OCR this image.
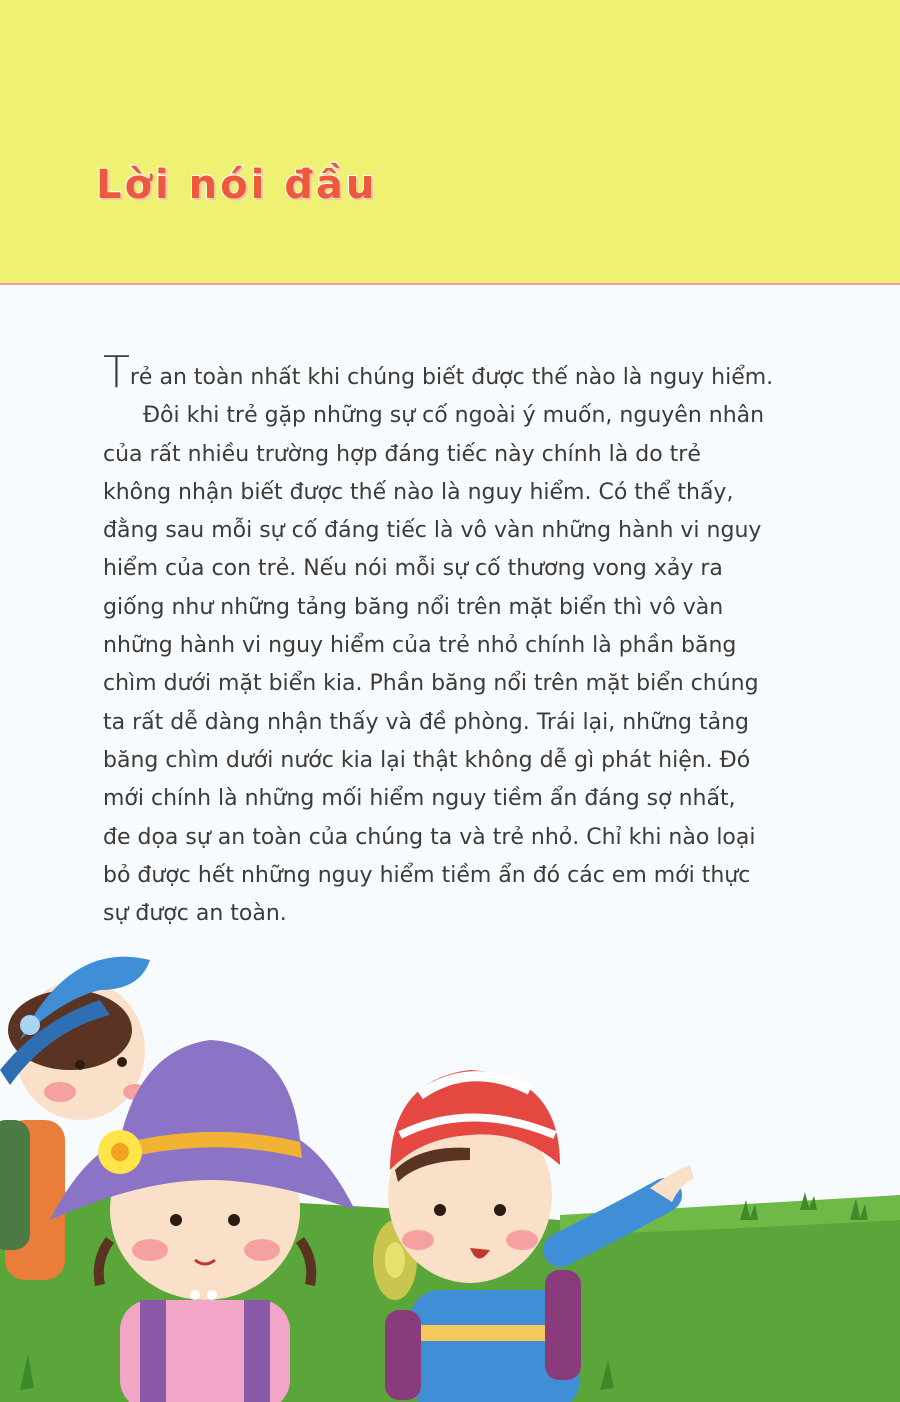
Lời nói đầu

Trẻ an toàn nhất khi chúng biết được thế nào là nguy hiểm.

Đôi khi trẻ gặp những sự cố ngoài ý muốn, nguyên nhân của rất nhiều trường hợp đáng tiếc này chính là do trẻ không nhận biết được thế nào là nguy hiểm. Có thể thấy, đằng sau mỗi sự cố đáng tiếc là vô vàn những hành vi nguy hiểm của con trẻ. Nếu nói mỗi sự cố thương vong xảy ra giống như những tảng băng nổi trên mặt biển thì vô vàn những hành vi nguy hiểm của trẻ nhỏ chính là phần băng chìm dưới mặt biển kia. Phần băng nổi trên mặt biển chúng ta rất dễ dàng nhận thấy và đề phòng. Trái lại, những tảng băng chìm dưới nước kia lại thật không dễ gì phát hiện. Đó mới chính là những mối hiểm nguy tiềm ẩn đáng sợ nhất, đe dọa sự an toàn của chúng ta và trẻ nhỏ. Chỉ khi nào loại bỏ được hết những nguy hiểm tiềm ẩn đó các em mới thực sự được an toàn.
